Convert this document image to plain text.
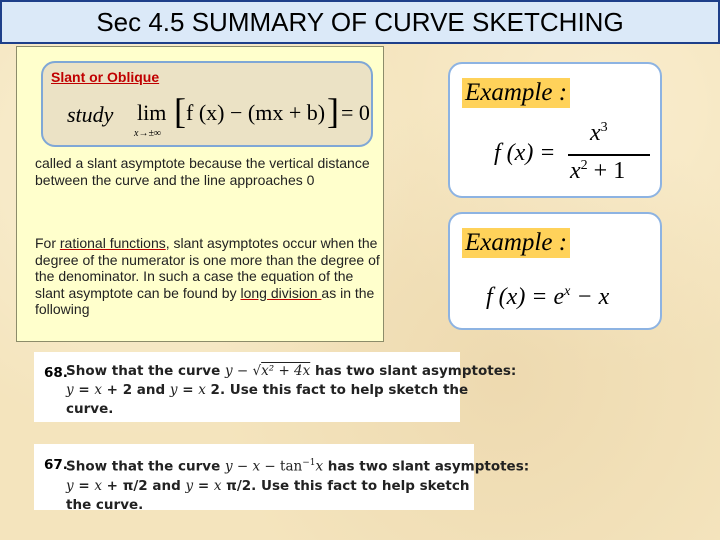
Sec 4.5 SUMMARY OF CURVE SKETCHING
Slant or Oblique
study lim
x→±∞
[ f (x) − (mx + b) ] = 0
called a slant asymptote because the vertical distance between the curve and the line approaches 0
For rational functions, slant asymptotes occur when the degree of the numerator is one more than the degree of the denominator. In such a case the equation of the slant asymptote can be found by long division as in the following
Example :
f (x) =
$x^3$
$x^2 + 1$
Example :
f $(x) = e^x - x$
68.
Show that the curve y − √x² + 4x has two slant asymptotes:
y = x + 2 and y = x 2. Use this fact to help sketch the
curve.
67.
Show that the curve $y - x - \tan^{-1}x$ has two slant asymptotes:
y = x + π/2 and y = x π/2. Use this fact to help sketch
the curve.
